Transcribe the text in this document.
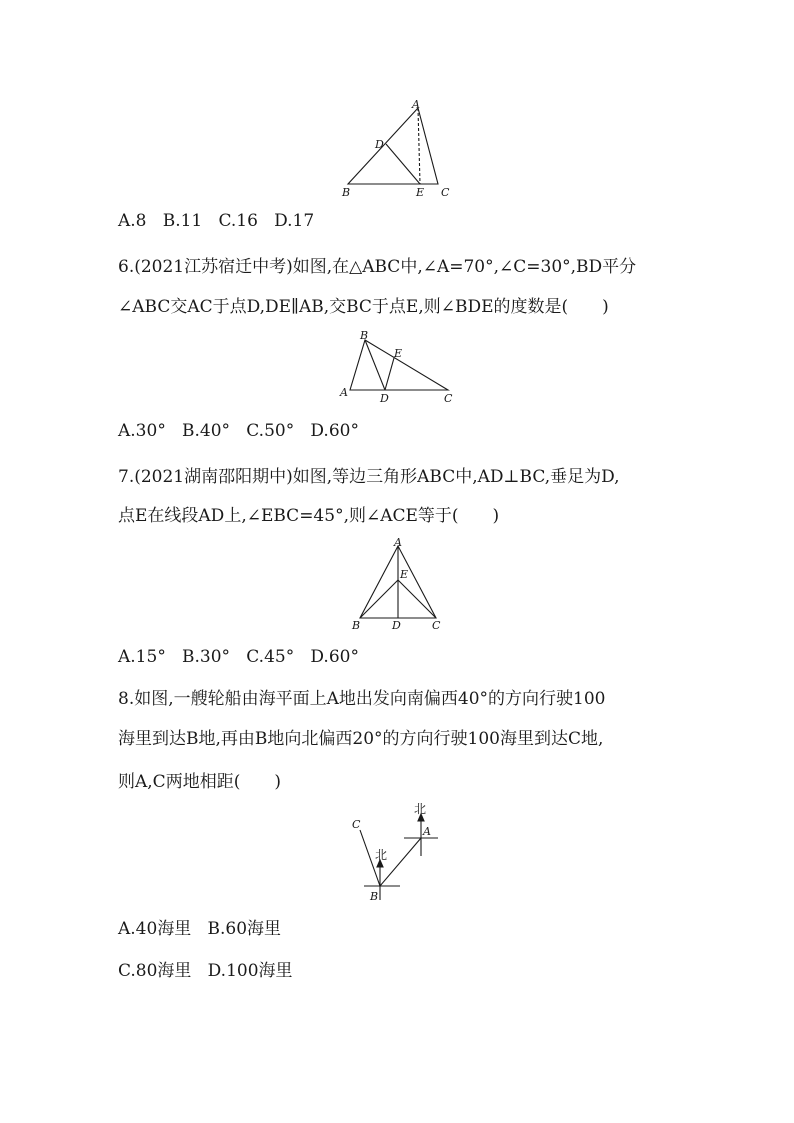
A
D
B	E C
A.8   B.11   C.16   D.17
6.(2021江苏宿迁中考)如图,在△ABC中,∠A=70°,∠C=30°,BD平分
∠ABC交AC于点D,DE∥AB,交BC于点E,则∠BDE的度数是(　　)
B
E
A	D	C
A.30°   B.40°   C.50°   D.60°
7.(2021湖南邵阳期中)如图,等边三角形ABC中,AD⊥BC,垂足为D,
点E在线段AD上,∠EBC=45°,则∠ACE等于(　　)
A
E
B	D	C
A.15°   B.30°   C.45°   D.60°
8.如图,一艘轮船由海平面上A地出发向南偏西40°的方向行驶100
海里到达B地,再由B地向北偏西20°的方向行驶100海里到达C地,
则A,C两地相距(　　)
北
A
C
北
B
A.40海里   B.60海里
C.80海里   D.100海里
